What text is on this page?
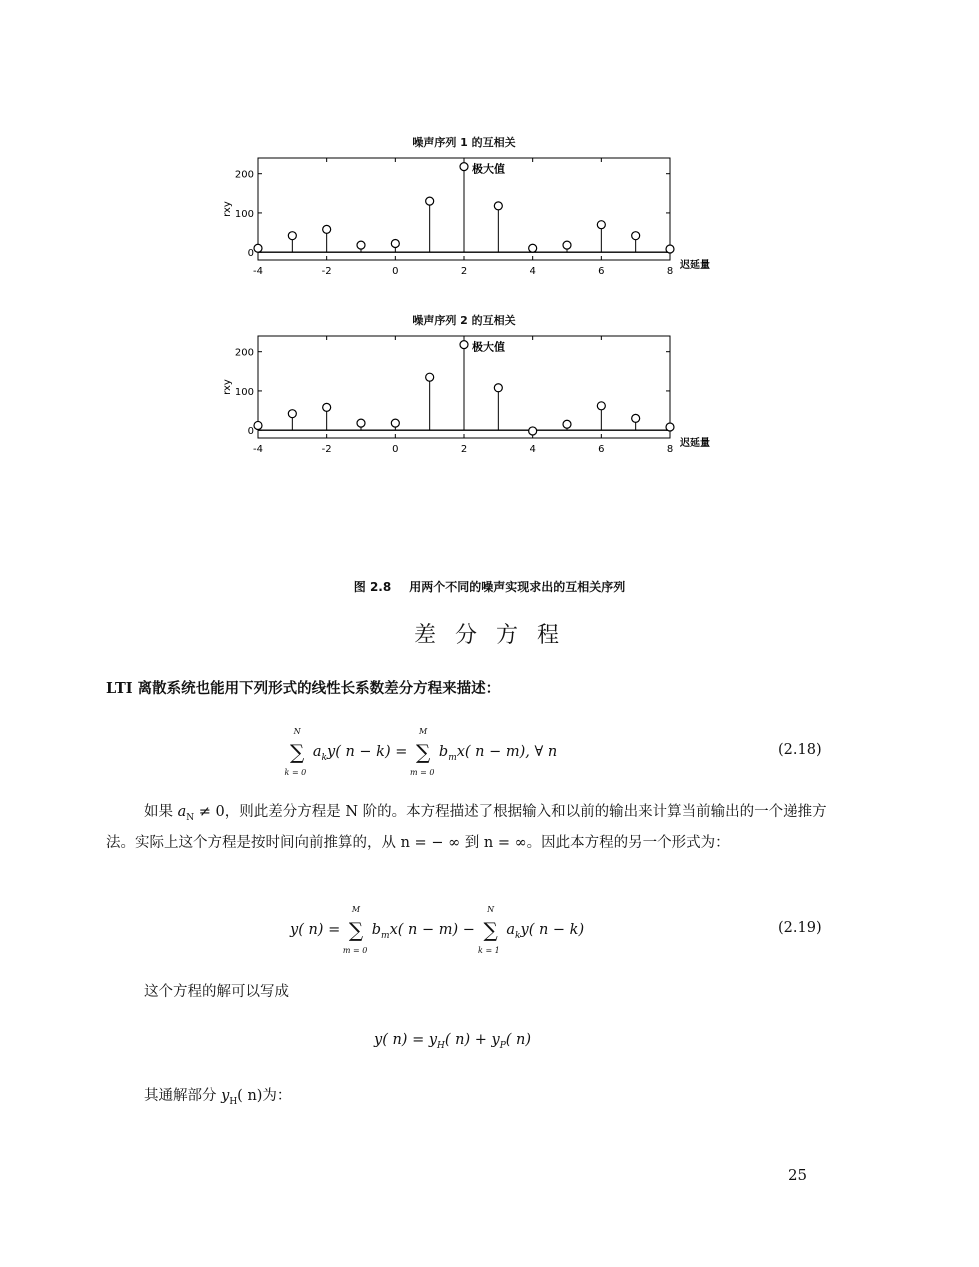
噪声序列 1 的互相关
-4	-2	0	2	4	6	8
0
100
200
rxy
迟延量
极大值
噪声序列 2 的互相关
-4	-2	0	2	4	6	8
0
100
200
rxy
迟延量
极大值
图 2.8 用两个不同的噪声实现求出的互相关序列
差 分 方 程
LTI 离散系统也能用下列形式的线性长系数差分方程来描述：
∑
N
k = 0
$a_ky$( n − k) = ∑
M
m = 0
$b_mx$( n − m), ∀ n	(2.18)
如果 $a_N \ne 0$，则此差分方程是 N 阶的。本方程描述了根据输入和以前的输出来计算当前输出的一个递推方法。实际上这个方程是按时间向前推算的，从 n = − ∞ 到 n = ∞。因此本方程的另一个形式为：
y( n) = ∑
M
m = 0
$b_mx$( n − m) − ∑
N
k = 1
$a_ky$( n − k)	(2.19)
这个方程的解可以写成
y( $n) = y_H$( $n) + y_P$( n)
其通解部分 $y_H$( n)为：
25
